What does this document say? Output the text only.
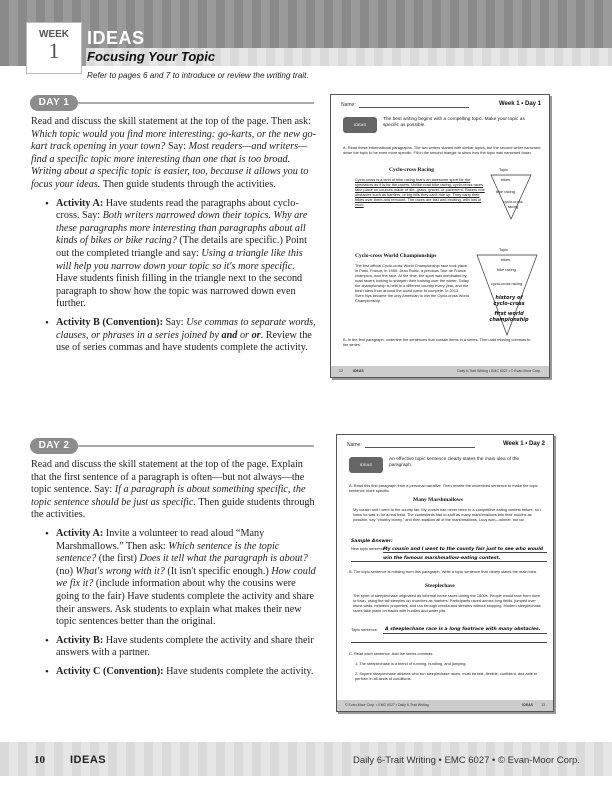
WEEK
1	IDEAS
Focusing Your Topic
Refer to pages 6 and 7 to introduce or review the writing trait.
DAY 1

Read and discuss the skill statement at the top of the page. Then ask: Which topic would you find more interesting: go-karts, or the new go-kart track opening in your town? Say: Most readers—and writers—find a specific topic more interesting than one that is too broad. Writing about a specific topic is easier, too, because it allows you to focus your ideas. Then guide students through the activities.

• Activity A: Have students read the paragraphs about cyclo-cross. Say: Both writers narrowed down their topics. Why are these paragraphs more interesting than paragraphs about all kinds of bikes or bike racing? (The details are specific.) Point out the completed triangle and say: Using a triangle like this will help you narrow down your topic so it's more specific. Have students finish filling in the triangle next to the second paragraph to show how the topic was narrowed down even further.
• Activity B (Convention): Say: Use commas to separate words, clauses, or phrases in a series joined by and or or. Review the use of series commas and have students complete the activity.
DAY 2

Read and discuss the skill statement at the top of the page. Explain that the first sentence of a paragraph is often—but not always—the topic sentence. Say: If a paragraph is about something specific, the topic sentence should be just as specific. Then guide students through the activities.

• Activity A: Invite a volunteer to read aloud “Many Marshmallows.” Then ask: Which sentence is the topic sentence? (the first) Does it tell what the paragraph is about? (no) What's wrong with it? (It isn't specific enough.) How could we fix it? (include information about why the cousins were going to the fair) Have students complete the activity and share their answers. Ask students to explain what makes their new topic sentences better than the original.
• Activity B: Have students complete the activity and share their answers with a partner.
• Activity C (Convention): Have students complete the activity.
Name:	Week 1 • Day 1
IDEAS
The best writing begins with a compelling topic. Make your topic as specific as possible.
A. Read these informational paragraphs. The two writers started with similar topics, but the second writer narrowed down the topic to be even more specific. Fill in the second triangle to show how the topic was narrowed down.
Cyclo-cross Racing
Cyclo-cross is a kind of bike racing that’s an awesome sport for the spectators as it is for the racers. Unlike road bike racing, cyclo-cross races take place on courses made of dirt, grass, gravel, or pavement. Racers ride obstacles such as barriers, or big hills they can't ride up. They carry their bikes over them and remount. The races are fast and exciting, with lots of mud.
Topic
bikes
bike racing
cyclo-cross racing
Cyclo-cross World Championships
The first official Cyclo-cross World Championship race took place in Paris, France, in 1950. Jean Robic, a previous Tour de France champion, won the race. At the time, the sport was dominated by road racers looking to sharpen their training over the winter. Today the championship is held in a different country every year, and the best riders from around the world come to compete. In 2013, Sven Nys became the only American to win the Cyclo-cross World Championship.
Topic
bikes
bike racing
cyclo-cross racing
history of cyclo-cross
first world championship
B. In the first paragraph, underline the sentences that contain items in a series. Then add missing commas to the series.
12	IDEAS	Daily 6-Trait Writing • EMC 6027 • © Evan-Moor Corp.
Name:	Week 1 • Day 2
IDEAS
An effective topic sentence clearly states the main idea of the paragraph.
A. Read this first paragraph from a personal narrative. Then rewrite the underlined sentence to make the topic sentence more specific.
Many Marshmallows
My cousin and I went to the county fair. My cousin had never been to a competitive eating contest before, so I knew he was in for a real treat. The contestants had to stuff as many marshmallows into their mouths as possible, say “chubby bunny,” and then swallow all of the marshmallows. Lucy won—winner, not us!
Sample Answer:
New topic sentence:
My cousin and I went to the county fair just to see who would win the famous marshmallow-eating contest.
B. The topic sentence is missing from this paragraph. Write a topic sentence that clearly states the main idea.
Steeplechase
The sport of steeplechase originated as informal horse races during the 1800s. People would race from town to town, using the tall steeples on churches as markers. Participants raced across long fields, jumped over stone walls, between properties, and ran through creeks and streams without stopping. Modern steeplechase races take place on tracks with hurdles and water pits.
Topic sentence:	A steeplechase race is a long footrace with many obstacles.
C. Read each sentence. Add the series commas.
1. The steeplechase is a blend of running, hurdling, and jumping.
2. Superb steeplechase athletes who run steeplechase races, must be fast, flexible, confident, and able to perform in all kinds of conditions.
© Evan-Moor Corp. • EMC 6027 • Daily 6-Trait Writing	IDEAS 13
10 IDEAS	Daily 6-Trait Writing • EMC 6027 • © Evan-Moor Corp.
